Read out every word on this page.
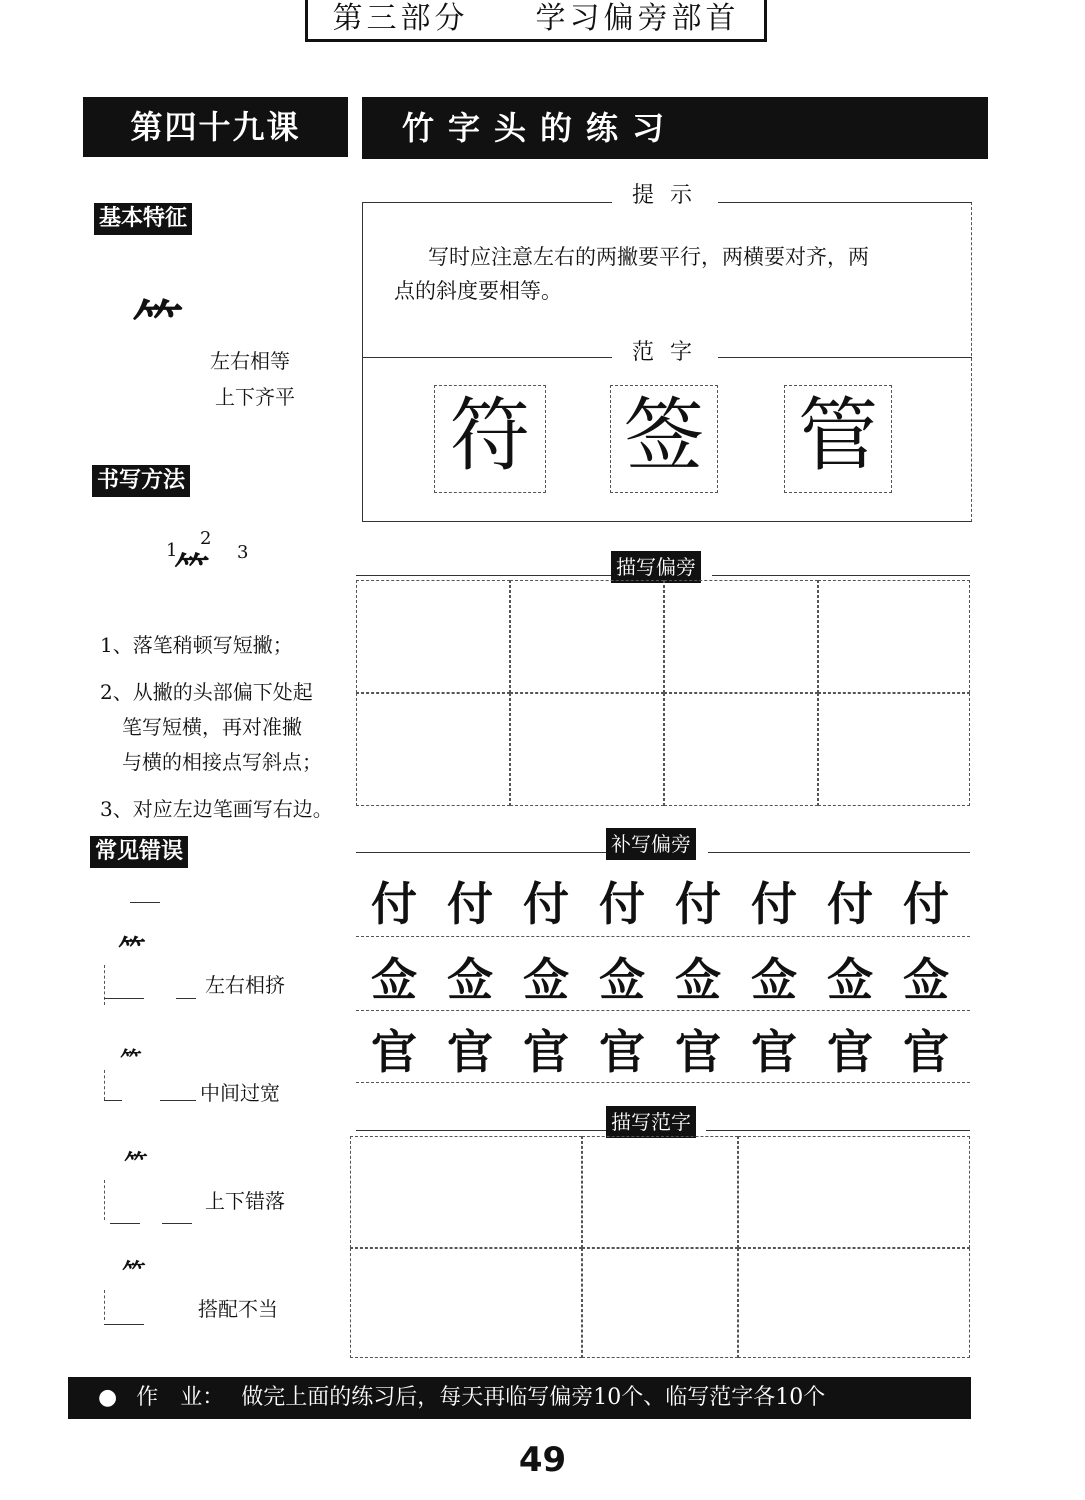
第三部分 学习偏旁部首
第四十九课	竹字头的练习
基本特征
⺮
左右相等
上下齐平
书写方法
1
2
3
⺮
1、落笔稍顿写短撇；
2、从撇的头部偏下处起
笔写短横，再对准撇
与横的相接点写斜点；
3、对应左边笔画写右边。
常见错误
⺮
左右相挤
⺮
中间过宽
⺮
上下错落
⺮
搭配不当
提示
写时应注意左右的两撇要平行，两横要对齐，两
点的斜度要相等。
范字
符 签 管
描写偏旁
补写偏旁
付 付 付 付 付 付 付 付
佥 佥 佥 佥 佥 佥 佥 佥
官 官 官 官 官 官 官 官
描写范字
● 作　业： 做完上面的练习后，每天再临写偏旁10个、临写范字各10个
49
